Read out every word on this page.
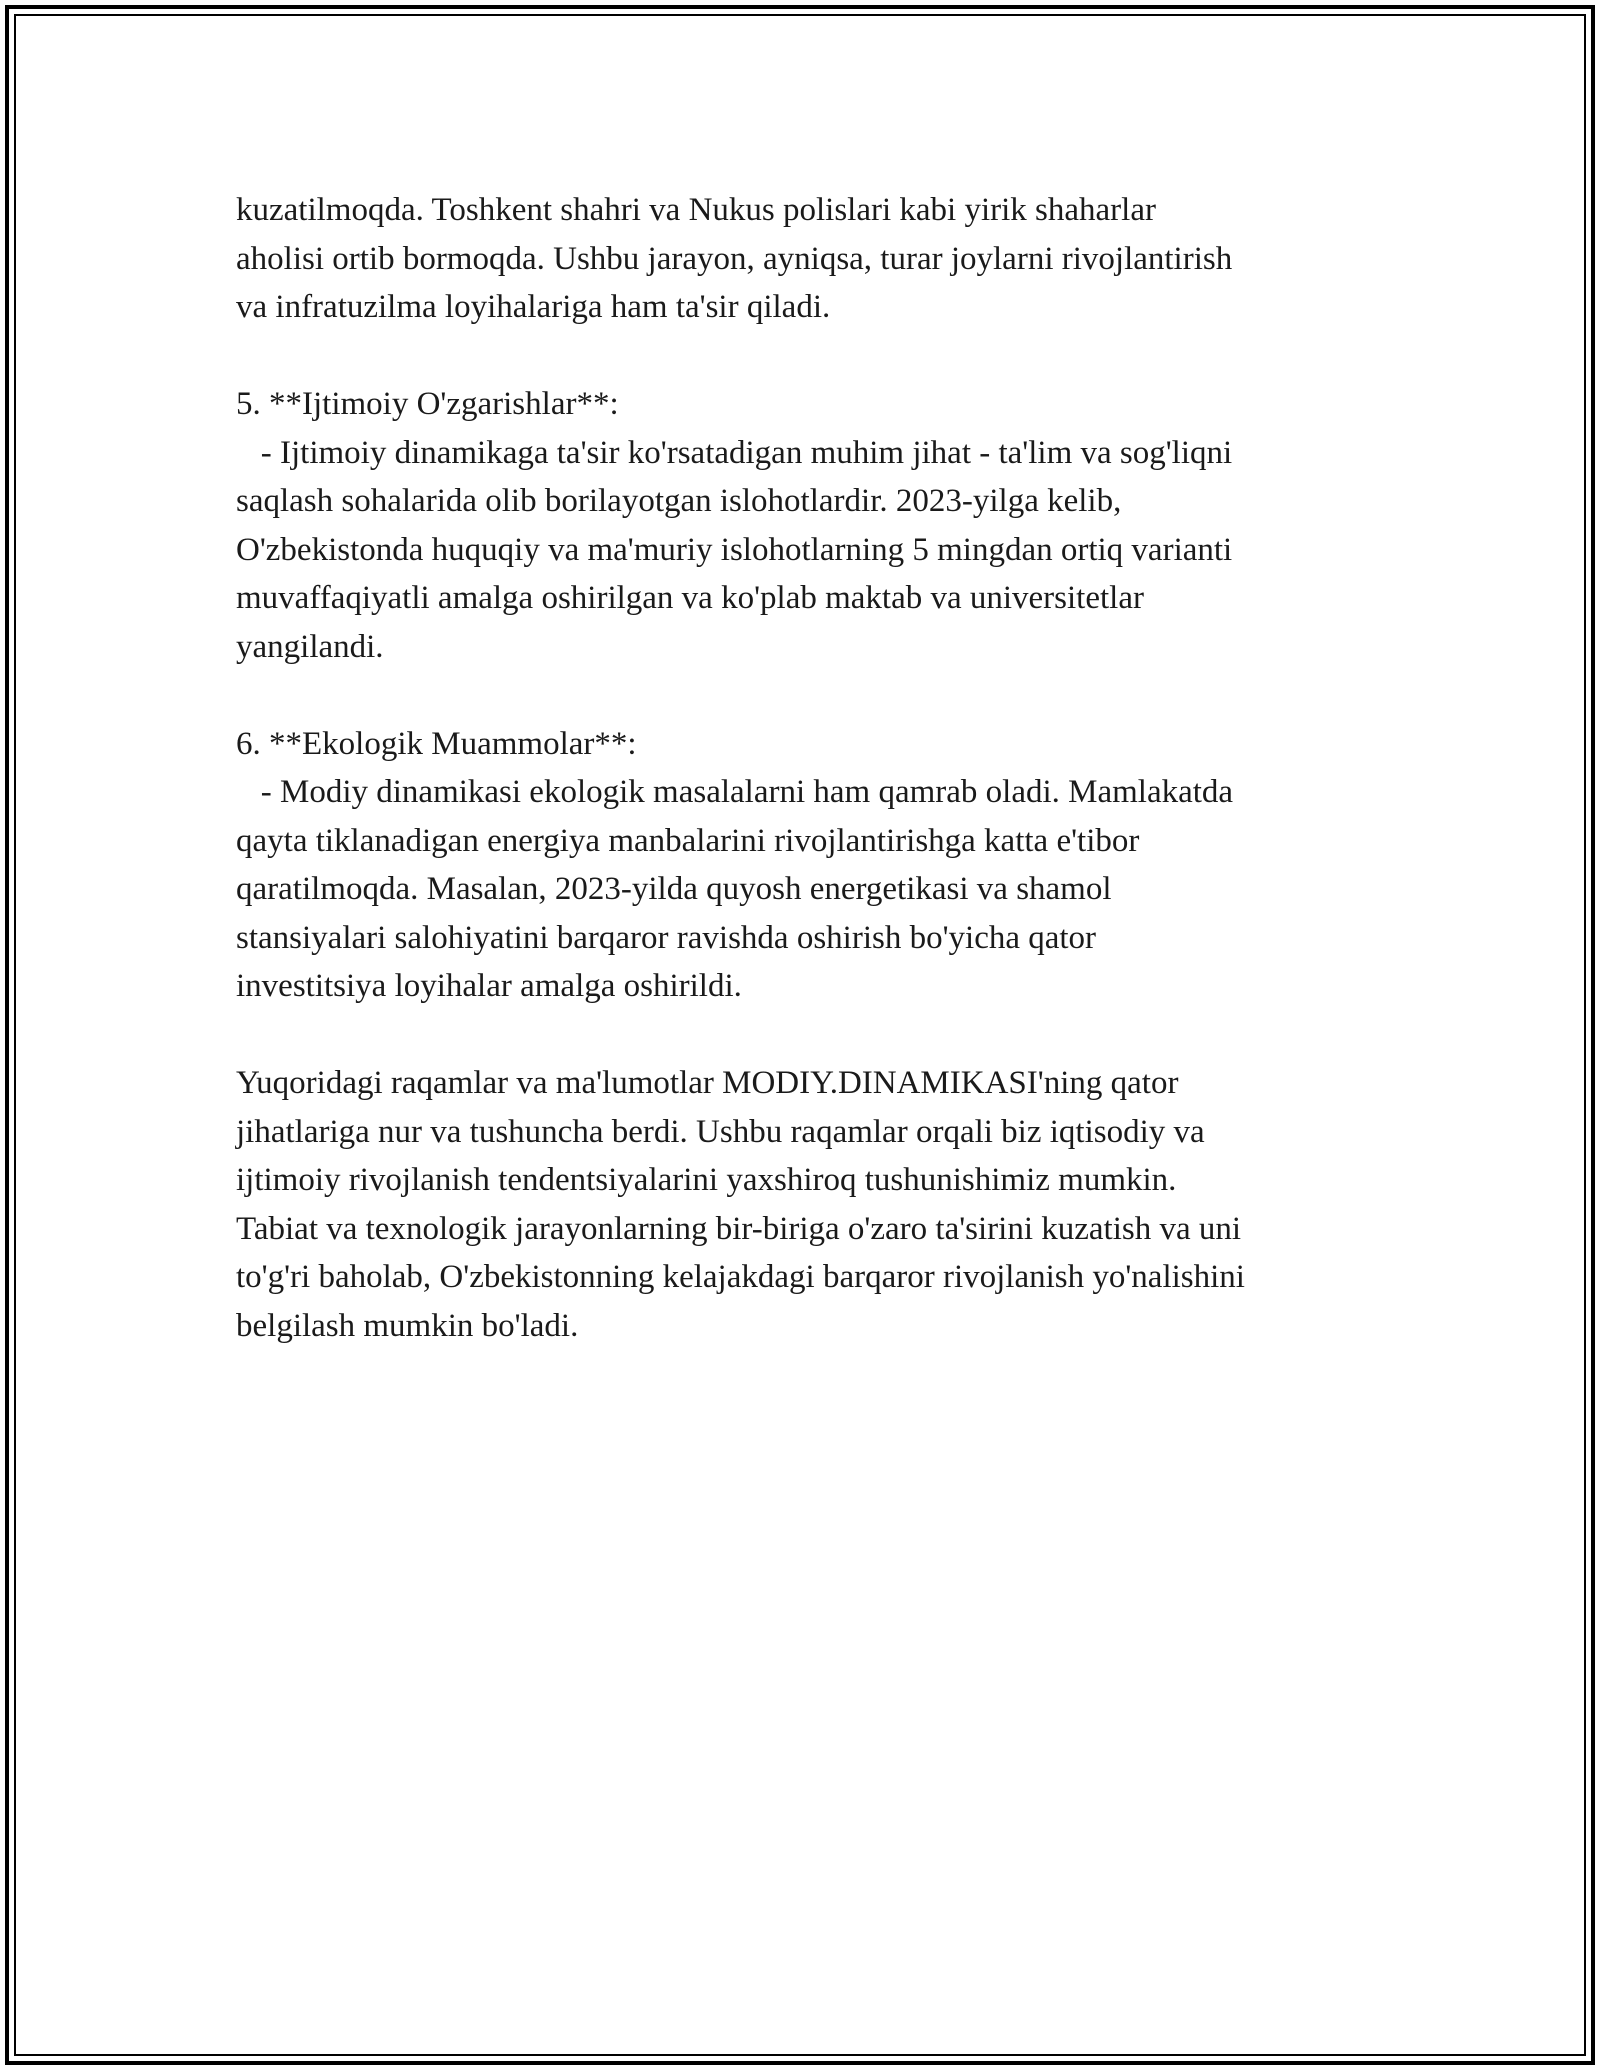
kuzatilmoqda. Toshkent shahri va Nukus polislari kabi yirik shaharlar
aholisi ortib bormoqda. Ushbu jarayon, ayniqsa, turar joylarni rivojlantirish
va infratuzilma loyihalariga ham ta'sir qiladi.
5. **Ijtimoiy O'zgarishlar**:
- Ijtimoiy dinamikaga ta'sir ko'rsatadigan muhim jihat - ta'lim va sog'liqni
saqlash sohalarida olib borilayotgan islohotlardir. 2023-yilga kelib,
O'zbekistonda huquqiy va ma'muriy islohotlarning 5 mingdan ortiq varianti
muvaffaqiyatli amalga oshirilgan va ko'plab maktab va universitetlar
yangilandi.
6. **Ekologik Muammolar**:
- Modiy dinamikasi ekologik masalalarni ham qamrab oladi. Mamlakatda
qayta tiklanadigan energiya manbalarini rivojlantirishga katta e'tibor
qaratilmoqda. Masalan, 2023-yilda quyosh energetikasi va shamol
stansiyalari salohiyatini barqaror ravishda oshirish bo'yicha qator
investitsiya loyihalar amalga oshirildi.
Yuqoridagi raqamlar va ma'lumotlar MODIY.DINAMIKASI'ning qator
jihatlariga nur va tushuncha berdi. Ushbu raqamlar orqali biz iqtisodiy va
ijtimoiy rivojlanish tendentsiyalarini yaxshiroq tushunishimiz mumkin.
Tabiat va texnologik jarayonlarning bir-biriga o'zaro ta'sirini kuzatish va uni
to'g'ri baholab, O'zbekistonning kelajakdagi barqaror rivojlanish yo'nalishini
belgilash mumkin bo'ladi.
